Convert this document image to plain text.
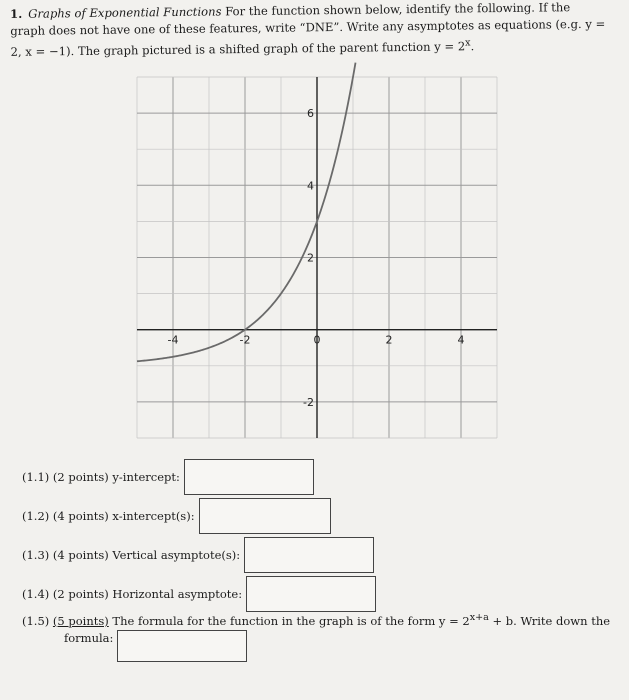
1. Graphs of Exponential Functions For the function shown below, identify the following. If the graph does not have one of these features, write “DNE”. Write any asymptotes as equations (e.g. y = 2, x = −1). The graph pictured is a shifted graph of the parent function $y = 2^x$.
-4	-2	0	2	4
6
4
2
-2
(1.1) (2 points) y-intercept:
(1.2) (4 points) x-intercept(s):
(1.3) (4 points) Vertical asymptote(s):
(1.4) (2 points) Horizontal asymptote:
(1.5) (5 points) The formula for the function in the graph is of the form $y = 2^{x+a} + b$. Write down the
formula:
